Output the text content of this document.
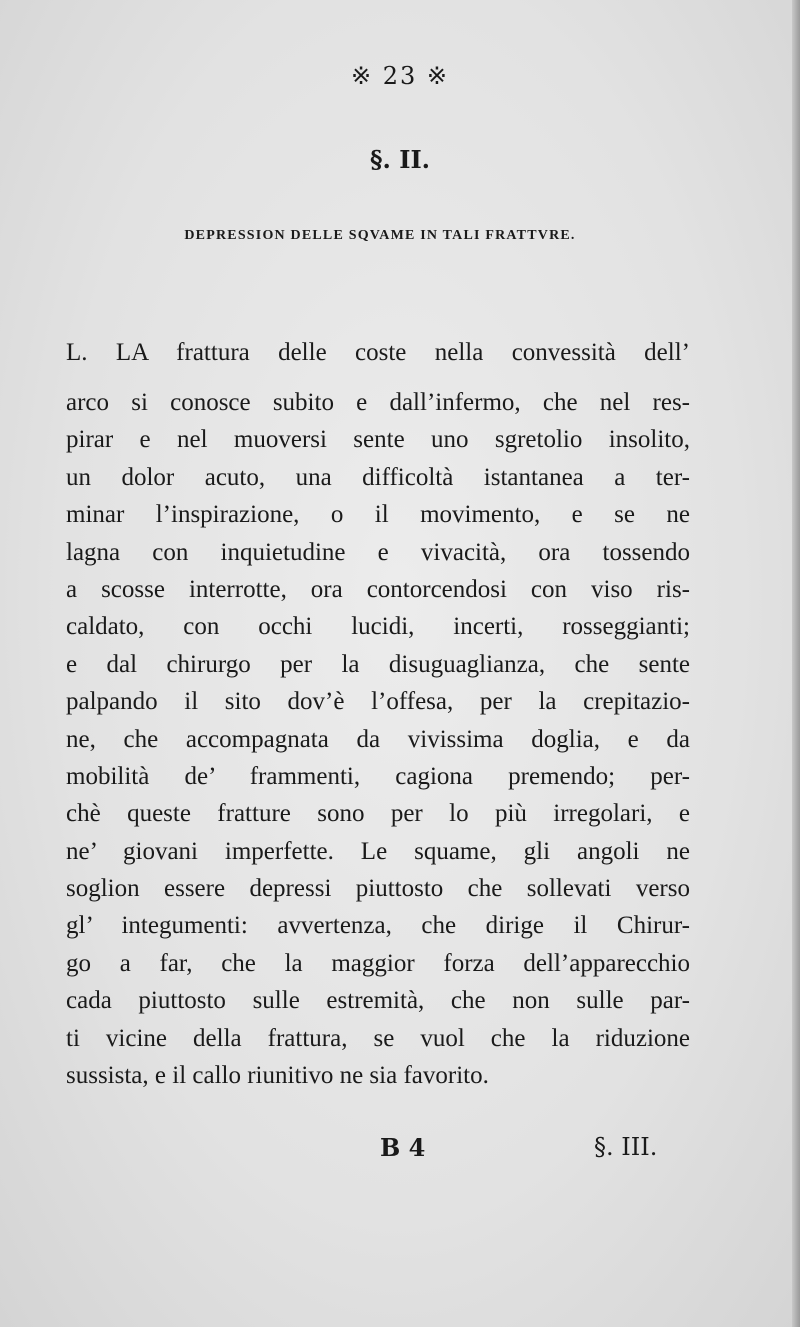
※ 23 ※
§. II.
DEPRESSION DELLE SQVAME IN TALI FRATTVRE.
L. LA frattura delle coste nella convessità dell’
arco si conosce subito e dall’infermo, che nel res-
pirar e nel muoversi sente uno sgretolio insolito,
un dolor acuto, una difficoltà istantanea a ter-
minar l’inspirazione, o il movimento, e se ne
lagna con inquietudine e vivacità, ora tossendo
a scosse interrotte, ora contorcendosi con viso ris-
caldato, con occhi lucidi, incerti, rosseggianti;
e dal chirurgo per la disuguaglianza, che sente
palpando il sito dov’è l’offesa, per la crepitazio-
ne, che accompagnata da vivissima doglia, e da
mobilità de’ frammenti, cagiona premendo; per-
chè queste fratture sono per lo più irregolari, e
ne’ giovani imperfette. Le squame, gli angoli ne
soglion essere depressi piuttosto che sollevati verso
gl’ integumenti: avvertenza, che dirige il Chirur-
go a far, che la maggior forza dell’apparecchio
cada piuttosto sulle estremità, che non sulle par-
ti vicine della frattura, se vuol che la riduzione
sussista, e il callo riunitivo ne sia favorito.
B 4	§. III.
